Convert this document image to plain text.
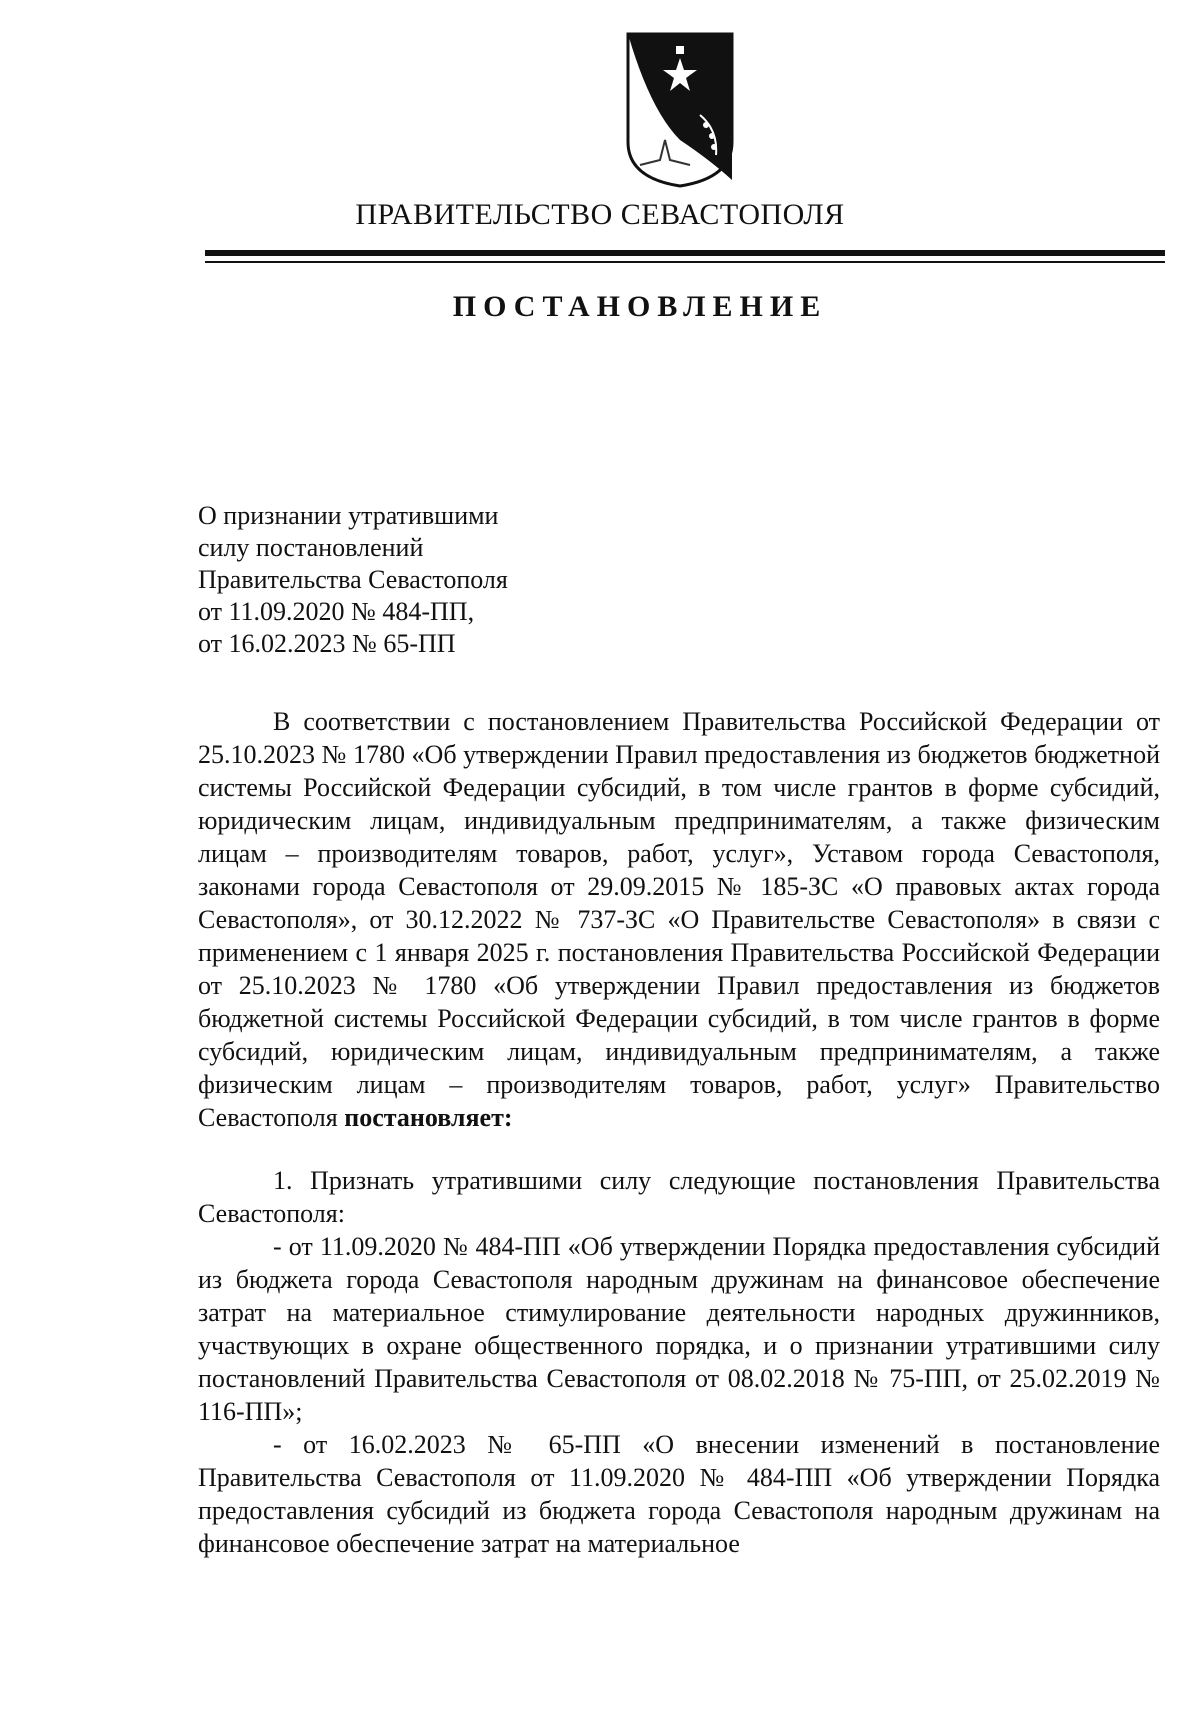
ПРАВИТЕЛЬСТВО СЕВАСТОПОЛЯ
ПОСТАНОВЛЕНИЕ
О признании утратившими
силу постановлений
Правительства Севастополя
от 11.09.2020 № 484-ПП,
от 16.02.2023 № 65-ПП

В соответствии с постановлением Правительства Российской Федерации от 25.10.2023 № 1780 «Об утверждении Правил предоставления из бюджетов бюджетной системы Российской Федерации субсидий, в том числе грантов в форме субсидий, юридическим лицам, индивидуальным предпринимателям, а также физическим лицам – производителям товаров, работ, услуг», Уставом города Севастополя, законами города Севастополя от 29.09.2015 № 185-ЗС «О правовых актах города Севастополя», от 30.12.2022 № 737-ЗС «О Правительстве Севастополя» в связи с применением с 1 января 2025 г. постановления Правительства Российской Федерации от 25.10.2023 № 1780 «Об утверждении Правил предоставления из бюджетов бюджетной системы Российской Федерации субсидий, в том числе грантов в форме субсидий, юридическим лицам, индивидуальным предпринимателям, а также физическим лицам – производителям товаров, работ, услуг» Правительство Севастополя постановляет:

1. Признать утратившими силу следующие постановления Правительства Севастополя:

- от 11.09.2020 № 484-ПП «Об утверждении Порядка предоставления субсидий из бюджета города Севастополя народным дружинам на финансовое обеспечение затрат на материальное стимулирование деятельности народных дружинников, участвующих в охране общественного порядка, и о признании утратившими силу постановлений Правительства Севастополя от 08.02.2018 № 75-ПП, от 25.02.2019 № 116-ПП»;

- от 16.02.2023 № 65-ПП «О внесении изменений в постановление Правительства Севастополя от 11.09.2020 № 484-ПП «Об утверждении Порядка предоставления субсидий из бюджета города Севастополя народным дружинам на финансовое обеспечение затрат на материальное
